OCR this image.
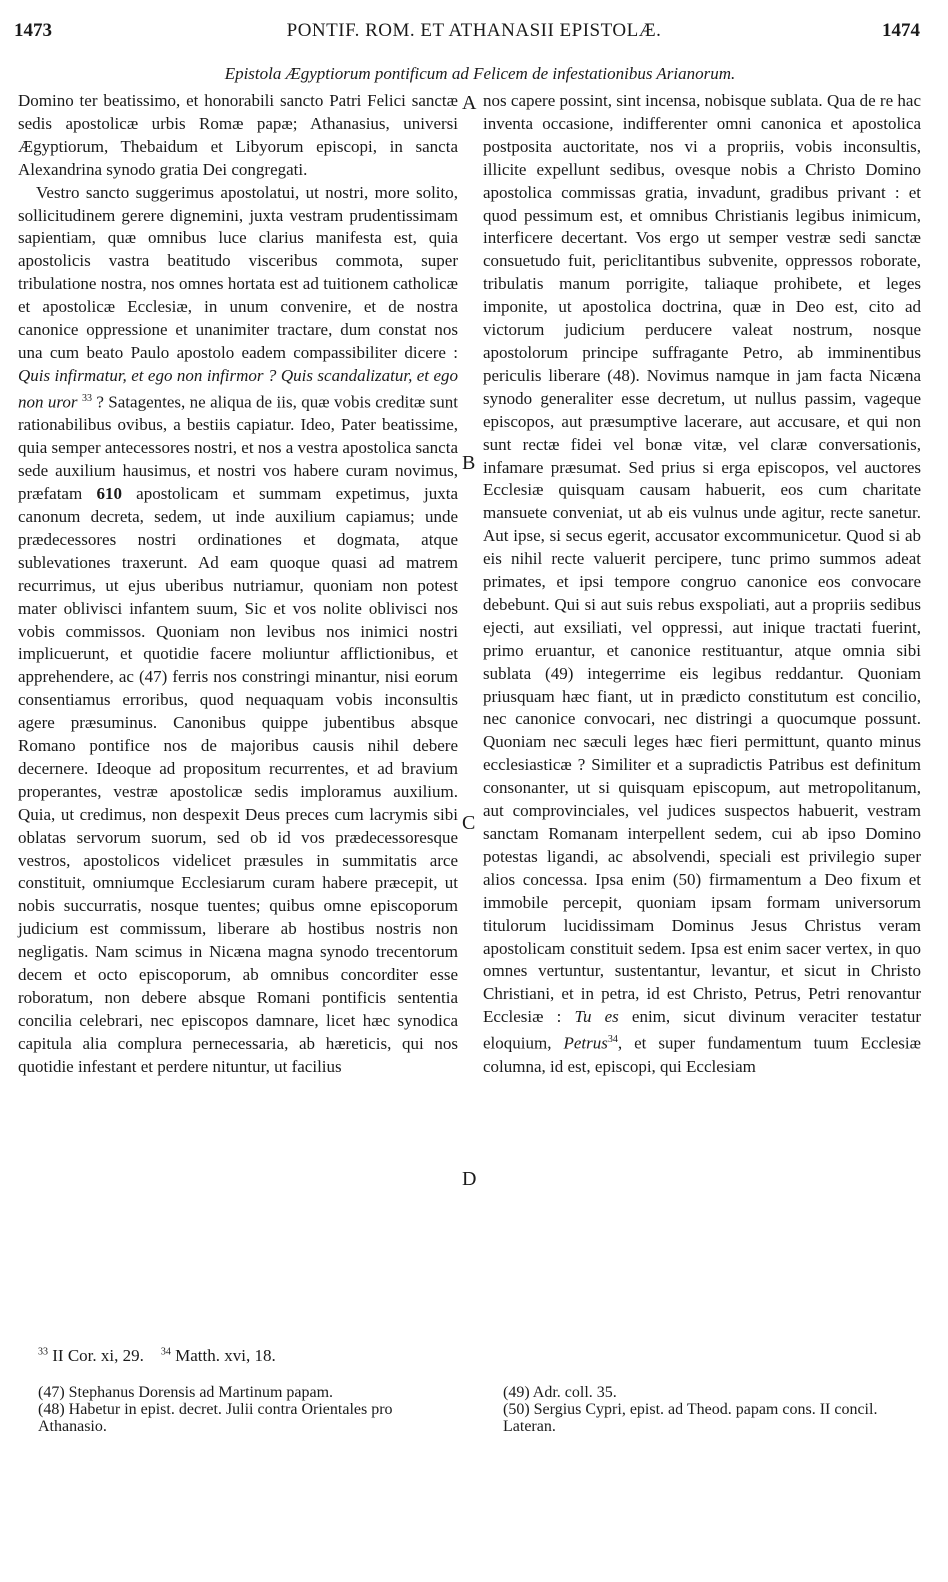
1473	PONTIF. ROM. ET ATHANASII EPISTOLÆ.	1474
Epistola Ægyptiorum pontificum ad Felicem de infestationibus Arianorum.

Domino ter beatissimo, et honorabili sancto Patri Felici sanctæ sedis apostolicæ urbis Romæ papæ; Athanasius, universi Ægyptiorum, Thebaidum et Libyorum episcopi, in sancta Alexandrina synodo gratia Dei congregati.

Vestro sancto suggerimus apostolatui, ut nostri, more solito, sollicitudinem gerere dignemini, juxta vestram prudentissimam sapientiam, quæ omnibus luce clarius manifesta est, quia apostolicis vastra beatitudo visceribus commota, super tribulatione nostra, nos omnes hortata est ad tuitionem catholicæ et apostolicæ Ecclesiæ, in unum convenire, et de nostra canonice oppressione et unanimiter tractare, dum constat nos una cum beato Paulo apostolo eadem compassibiliter dicere : Quis infirmatur, et ego non infirmor ? Quis scandalizatur, et ego non uror $^{33}$ ? Satagentes, ne aliqua de iis, quæ vobis creditæ sunt rationabilibus ovibus, a bestiis capiatur. Ideo, Pater beatissime, quia semper antecessores nostri, et nos a vestra apostolica sancta sede auxilium hausimus, et nostri vos habere curam novimus, præfatam 610 apostolicam et summam expetimus, juxta canonum decreta, sedem, ut inde auxilium capiamus; unde prædecessores nostri ordinationes et dogmata, atque sublevationes traxerunt. Ad eam quoque quasi ad matrem recurrimus, ut ejus uberibus nutriamur, quoniam non potest mater oblivisci infantem suum, Sic et vos nolite oblivisci nos vobis commissos. Quoniam non levibus nos inimici nostri implicuerunt, et quotidie facere moliuntur afflictionibus, et apprehendere, ac (47) ferris nos constringi minantur, nisi eorum consentiamus erroribus, quod nequaquam vobis inconsultis agere præsuminus. Canonibus quippe jubentibus absque Romano pontifice nos de majoribus causis nihil debere decernere. Ideoque ad propositum recurrentes, et ad bravium properantes, vestræ apostolicæ sedis imploramus auxilium. Quia, ut credimus, non despexit Deus preces cum lacrymis sibi oblatas servorum suorum, sed ob id vos prædecessoresque vestros, apostolicos videlicet præsules in summitatis arce constituit, omniumque Ecclesiarum curam habere præcepit, ut nobis succurratis, nosque tuentes; quibus omne episcoporum judicium est commissum, liberare ab hostibus nostris non negligatis. Nam scimus in Nicæna magna synodo trecentorum decem et octo episcoporum, ab omnibus concorditer esse roboratum, non debere absque Romani pontificis sententia concilia celebrari, nec episcopos damnare, licet hæc synodica capitula alia complura pernecessaria, ab hæreticis, qui nos quotidie infestant et perdere nituntur, ut facilius

A
B
C
D

nos capere possint, sint incensa, nobisque sublata. Qua de re hac inventa occasione, indifferenter omni canonica et apostolica postposita auctoritate, nos vi a propriis, vobis inconsultis, illicite expellunt sedibus, ovesque nobis a Christo Domino apostolica commissas gratia, invadunt, gradibus privant : et quod pessimum est, et omnibus Christianis legibus inimicum, interficere decertant. Vos ergo ut semper vestræ sedi sanctæ consuetudo fuit, periclitantibus subvenite, oppressos roborate, tribulatis manum porrigite, taliaque prohibete, et leges imponite, ut apostolica doctrina, quæ in Deo est, cito ad victorum judicium perducere valeat nostrum, nosque apostolorum principe suffragante Petro, ab imminentibus periculis liberare (48). Novimus namque in jam facta Nicæna synodo generaliter esse decretum, ut nullus passim, vageque episcopos, aut præsumptive lacerare, aut accusare, et qui non sunt rectæ fidei vel bonæ vitæ, vel claræ conversationis, infamare præsumat. Sed prius si erga episcopos, vel auctores Ecclesiæ quisquam causam habuerit, eos cum charitate mansuete conveniat, ut ab eis vulnus unde agitur, recte sanetur. Aut ipse, si secus egerit, accusator excommunicetur. Quod si ab eis nihil recte valuerit percipere, tunc primo summos adeat primates, et ipsi tempore congruo canonice eos convocare debebunt. Qui si aut suis rebus exspoliati, aut a propriis sedibus ejecti, aut exsiliati, vel oppressi, aut inique tractati fuerint, primo eruantur, et canonice restituantur, atque omnia sibi sublata (49) integerrime eis legibus reddantur. Quoniam priusquam hæc fiant, ut in prædicto constitutum est concilio, nec canonice convocari, nec distringi a quocumque possunt. Quoniam nec sæculi leges hæc fieri permittunt, quanto minus ecclesiasticæ ? Similiter et a supradictis Patribus est definitum consonanter, ut si quisquam episcopum, aut metropolitanum, aut comprovinciales, vel judices suspectos habuerit, vestram sanctam Romanam interpellent sedem, cui ab ipso Domino potestas ligandi, ac absolvendi, speciali est privilegio super alios concessa. Ipsa enim (50) firmamentum a Deo fixum et immobile percepit, quoniam ipsam formam universorum titulorum lucidissimam Dominus Jesus Christus veram apostolicam constituit sedem. Ipsa est enim sacer vertex, in quo omnes vertuntur, sustentantur, levantur, et sicut in Christo Christiani, et in petra, id est Christo, Petrus, Petri renovantur Ecclesiæ : Tu es enim, sicut divinum veraciter testatur eloquium, Petrus$^{34}$, et super fundamentum tuum Ecclesiæ columna, id est, episcopi, qui Ecclesiam

$^{33}$ II Cor. xi, 29. $^{34}$ Matth. xvi, 18.
(47) Stephanus Dorensis ad Martinum papam.
(48) Habetur in epist. decret. Julii contra Orientales pro Athanasio.
(49) Adr. coll. 35.
(50) Sergius Cypri, epist. ad Theod. papam cons. II concil. Lateran.
